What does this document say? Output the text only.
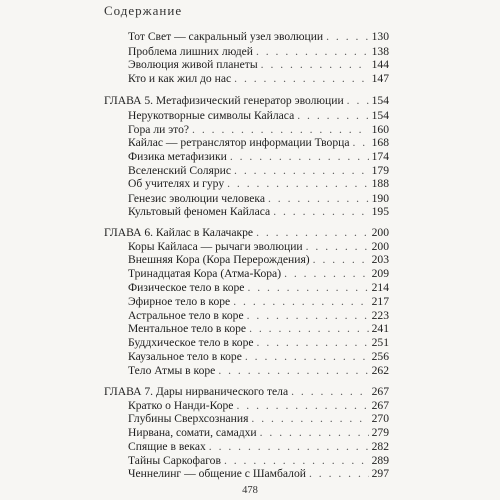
Содержание
Тот Свет — сакральный узел эволюции . . .	130
Проблема лишних людей . . .	138
Эволюция живой планеты . . .	144
Кто и как жил до нас . . .	147
ГЛАВА 5. Метафизический генератор эволюции . . . 154
Нерукотворные символы Кайласа . . .	154
Гора ли это? . . .	160
Кайлас — ретранслятор информации Творца . . . 168
Физика метафизики . . .	174
Вселенский Солярис . . .	179
Об учителях и гуру . . .	188
Генезис эволюции человека . . .	190
Культовый феномен Кайласа . . .	195
ГЛАВА 6. Кайлас в Калачакре . . .	200
Коры Кайласа — рычаги эволюции . . .	200
Внешняя Кора (Кора Перерождения) . . .	203
Тринадцатая Кора (Атма-Кора) . . .	209
Физическое тело в коре . . .	214
Эфирное тело в коре . . .	217
Астральное тело в коре . . .	223
Ментальное тело в коре . . .	241
Буддхическое тело в коре . . .	251
Каузальное тело в коре . . .	256
Тело Атмы в коре . . .	262
ГЛАВА 7. Дары нирванического тела . . .	267
Кратко о Нанди-Коре . . .	267
Глубины Сверхсознания . . .	270
Нирвана, сомати, самадхи . . .	279
Спящие в веках . . .	282
Тайны Саркофагов . . .	289
Ченнелинг — общение с Шамбалой . . .	297
478
